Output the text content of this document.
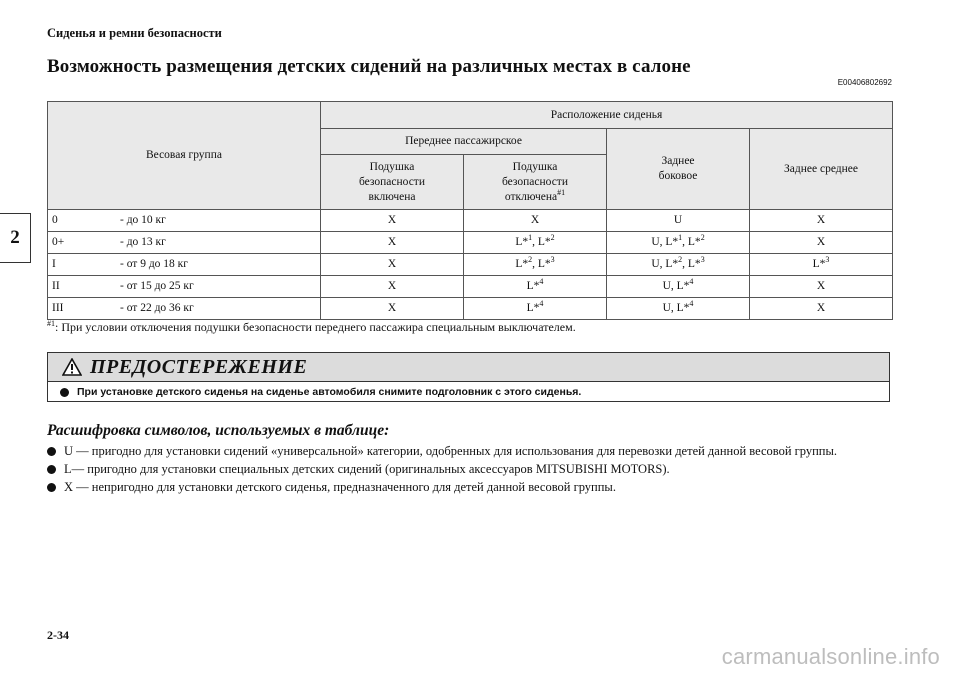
Сиденья и ремни безопасности
Возможность размещения детских сидений на различных местах в салоне
E00406802692
2
Весовая группа	Расположение сиденья			
	Переднее пассажирское		Заднее боковое	Заднее среднее

	Подушка безопасности включена	Подушка безопасности отключена$^{\#1}$

0 - до 10 кг	X	X	U	X
0+ - до 13 кг	X	L*$^1$, L*$^2$	U, L*$^1$, L*$^2$	X
I - от 9 до 18 кг	X	L*$^2$, L*$^3$	U, L*$^2$, L*$^3$	L*$^3$
II - от 15 до 25 кг	X	L*$^4$	U, L*$^4$	X
III - от 22 до 36 кг	X	L*$^4$	U, L*$^4$	X
$^{\#1}$: При условии отключения подушки безопасности переднего пассажира специальным выключателем.
ПРЕДОСТЕРЕЖЕНИЕ
При установке детского сиденья на сиденье автомобиля снимите подголовник с этого сиденья.
Расшифровка символов, используемых в таблице:
U — пригодно для установки сидений «универсальной» категории, одобренных для использования для перевозки детей данной весовой группы.
L— пригодно для установки специальных детских сидений (оригинальных аксессуаров MITSUBISHI MOTORS).
X — непригодно для установки детского сиденья, предназначенного для детей данной весовой группы.
2-34
carmanualsonline.info
